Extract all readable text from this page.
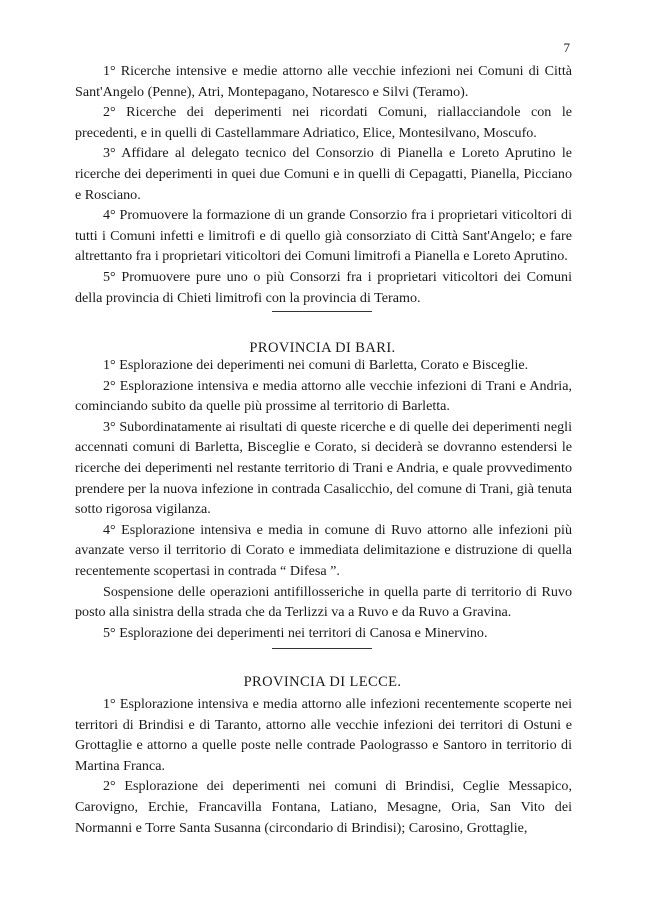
7

1° Ricerche intensive e medie attorno alle vecchie infezioni nei Comuni di Città Sant'Angelo (Penne), Atri, Montepagano, Notaresco e Silvi (Teramo).

2° Ricerche dei deperimenti nei ricordati Comuni, riallacciandole con le precedenti, e in quelli di Castellammare Adriatico, Elice, Montesilvano, Moscufo.

3° Affidare al delegato tecnico del Consorzio di Pianella e Loreto Aprutino le ricerche dei deperimenti in quei due Comuni e in quelli di Cepagatti, Pianella, Picciano e Rosciano.

4° Promuovere la formazione di un grande Consorzio fra i proprietari viticoltori di tutti i Comuni infetti e limitrofi e di quello già consorziato di Città Sant'Angelo; e fare altrettanto fra i proprietari viticoltori dei Comuni limitrofi a Pianella e Loreto Aprutino.

5° Promuovere pure uno o più Consorzi fra i proprietari viticoltori dei Comuni della provincia di Chieti limitrofi con la provincia di Teramo.

PROVINCIA DI BARI.

1° Esplorazione dei deperimenti nei comuni di Barletta, Corato e Bisceglie.

2° Esplorazione intensiva e media attorno alle vecchie infezioni di Trani e Andria, cominciando subito da quelle più prossime al territorio di Barletta.

3° Subordinatamente ai risultati di queste ricerche e di quelle dei deperimenti negli accennati comuni di Barletta, Bisceglie e Corato, si deciderà se dovranno estendersi le ricerche dei deperimenti nel restante territorio di Trani e Andria, e quale provvedimento prendere per la nuova infezione in contrada Casalicchio, del comune di Trani, già tenuta sotto rigorosa vigilanza.

4° Esplorazione intensiva e media in comune di Ruvo attorno alle infezioni più avanzate verso il territorio di Corato e immediata delimitazione e distruzione di quella recentemente scopertasi in contrada “ Difesa ”.

Sospensione delle operazioni antifillosseriche in quella parte di territorio di Ruvo posto alla sinistra della strada che da Terlizzi va a Ruvo e da Ruvo a Gravina.

5° Esplorazione dei deperimenti nei territori di Canosa e Minervino.

PROVINCIA DI LECCE.

1° Esplorazione intensiva e media attorno alle infezioni recentemente scoperte nei territori di Brindisi e di Taranto, attorno alle vecchie infezioni dei territori di Ostuni e Grottaglie e attorno a quelle poste nelle contrade Paolograsso e Santoro in territorio di Martina Franca.

2° Esplorazione dei deperimenti nei comuni di Brindisi, Ceglie Messapico, Carovigno, Erchie, Francavilla Fontana, Latiano, Mesagne, Oria, San Vito dei Normanni e Torre Santa Susanna (circondario di Brindisi); Carosino, Grottaglie,
